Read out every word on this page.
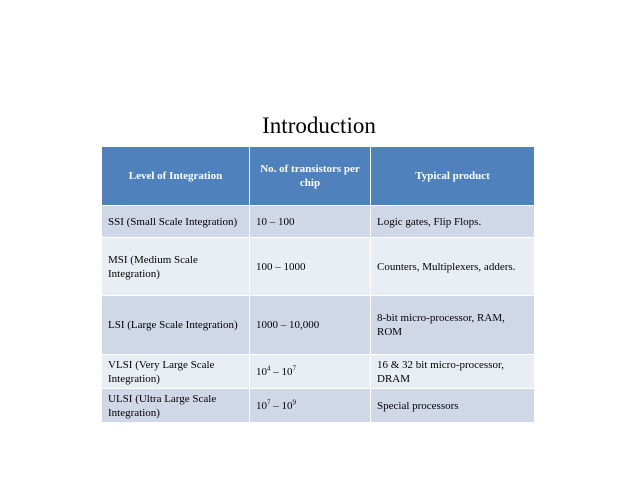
Introduction
Level of Integration	No. of transistors per chip	Typical product
SSI (Small Scale Integration)	10 – 100	Logic gates, Flip Flops.
MSI (Medium Scale Integration)	100 – 1000	Counters, Multiplexers, adders.
LSI (Large Scale Integration)	1000 – 10,000	8-bit micro-processor, RAM, ROM
VLSI (Very Large Scale Integration)	$10^4 - 10^7$	16 & 32 bit micro-processor, DRAM
ULSI (Ultra Large Scale Integration)	$10^7 - 10^9$	Special processors
